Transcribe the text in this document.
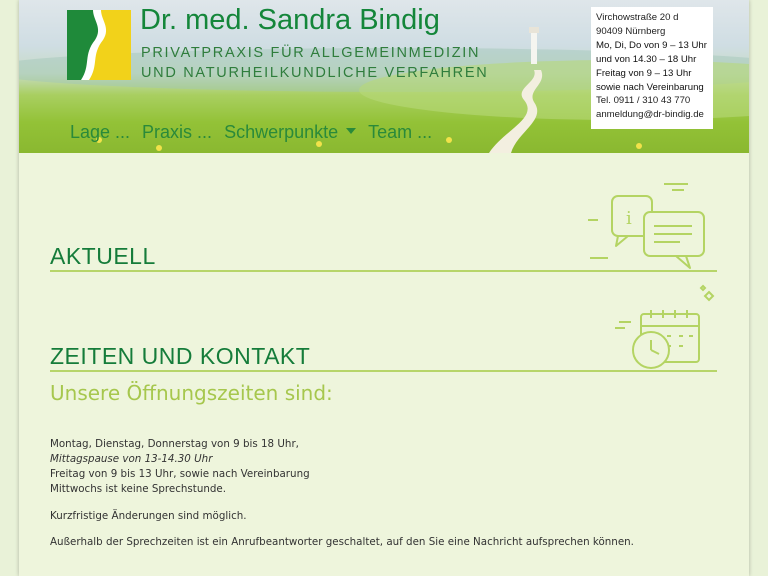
Dr. med. Sandra Bindig
PRIVATPRAXIS FÜR ALLGEMEINMEDIZIN
UND NATURHEILKUNDLICHE VERFAHREN
Lage ... Praxis ... Schwerpunkte	Team ...
Virchowstraße 20 d
90409 Nürnberg
Mo, Di, Do von 9 – 13 Uhr
und von 14.30 – 18 Uhr
Freitag von 9 – 13 Uhr
sowie nach Vereinbarung
Tel. 0911 / 310 43 770
anmeldung@dr-bindig.de
i
AKTUELL
ZEITEN UND KONTAKT
Unsere Öffnungszeiten sind:
Montag, Dienstag, Donnerstag von 9 bis 18 Uhr,
Mittagspause von 13-14.30 Uhr
Freitag von 9 bis 13 Uhr, sowie nach Vereinbarung
Mittwochs ist keine Sprechstunde.
Kurzfristige Änderungen sind möglich.
Außerhalb der Sprechzeiten ist ein Anrufbeantworter geschaltet, auf den Sie eine Nachricht aufsprechen können.
